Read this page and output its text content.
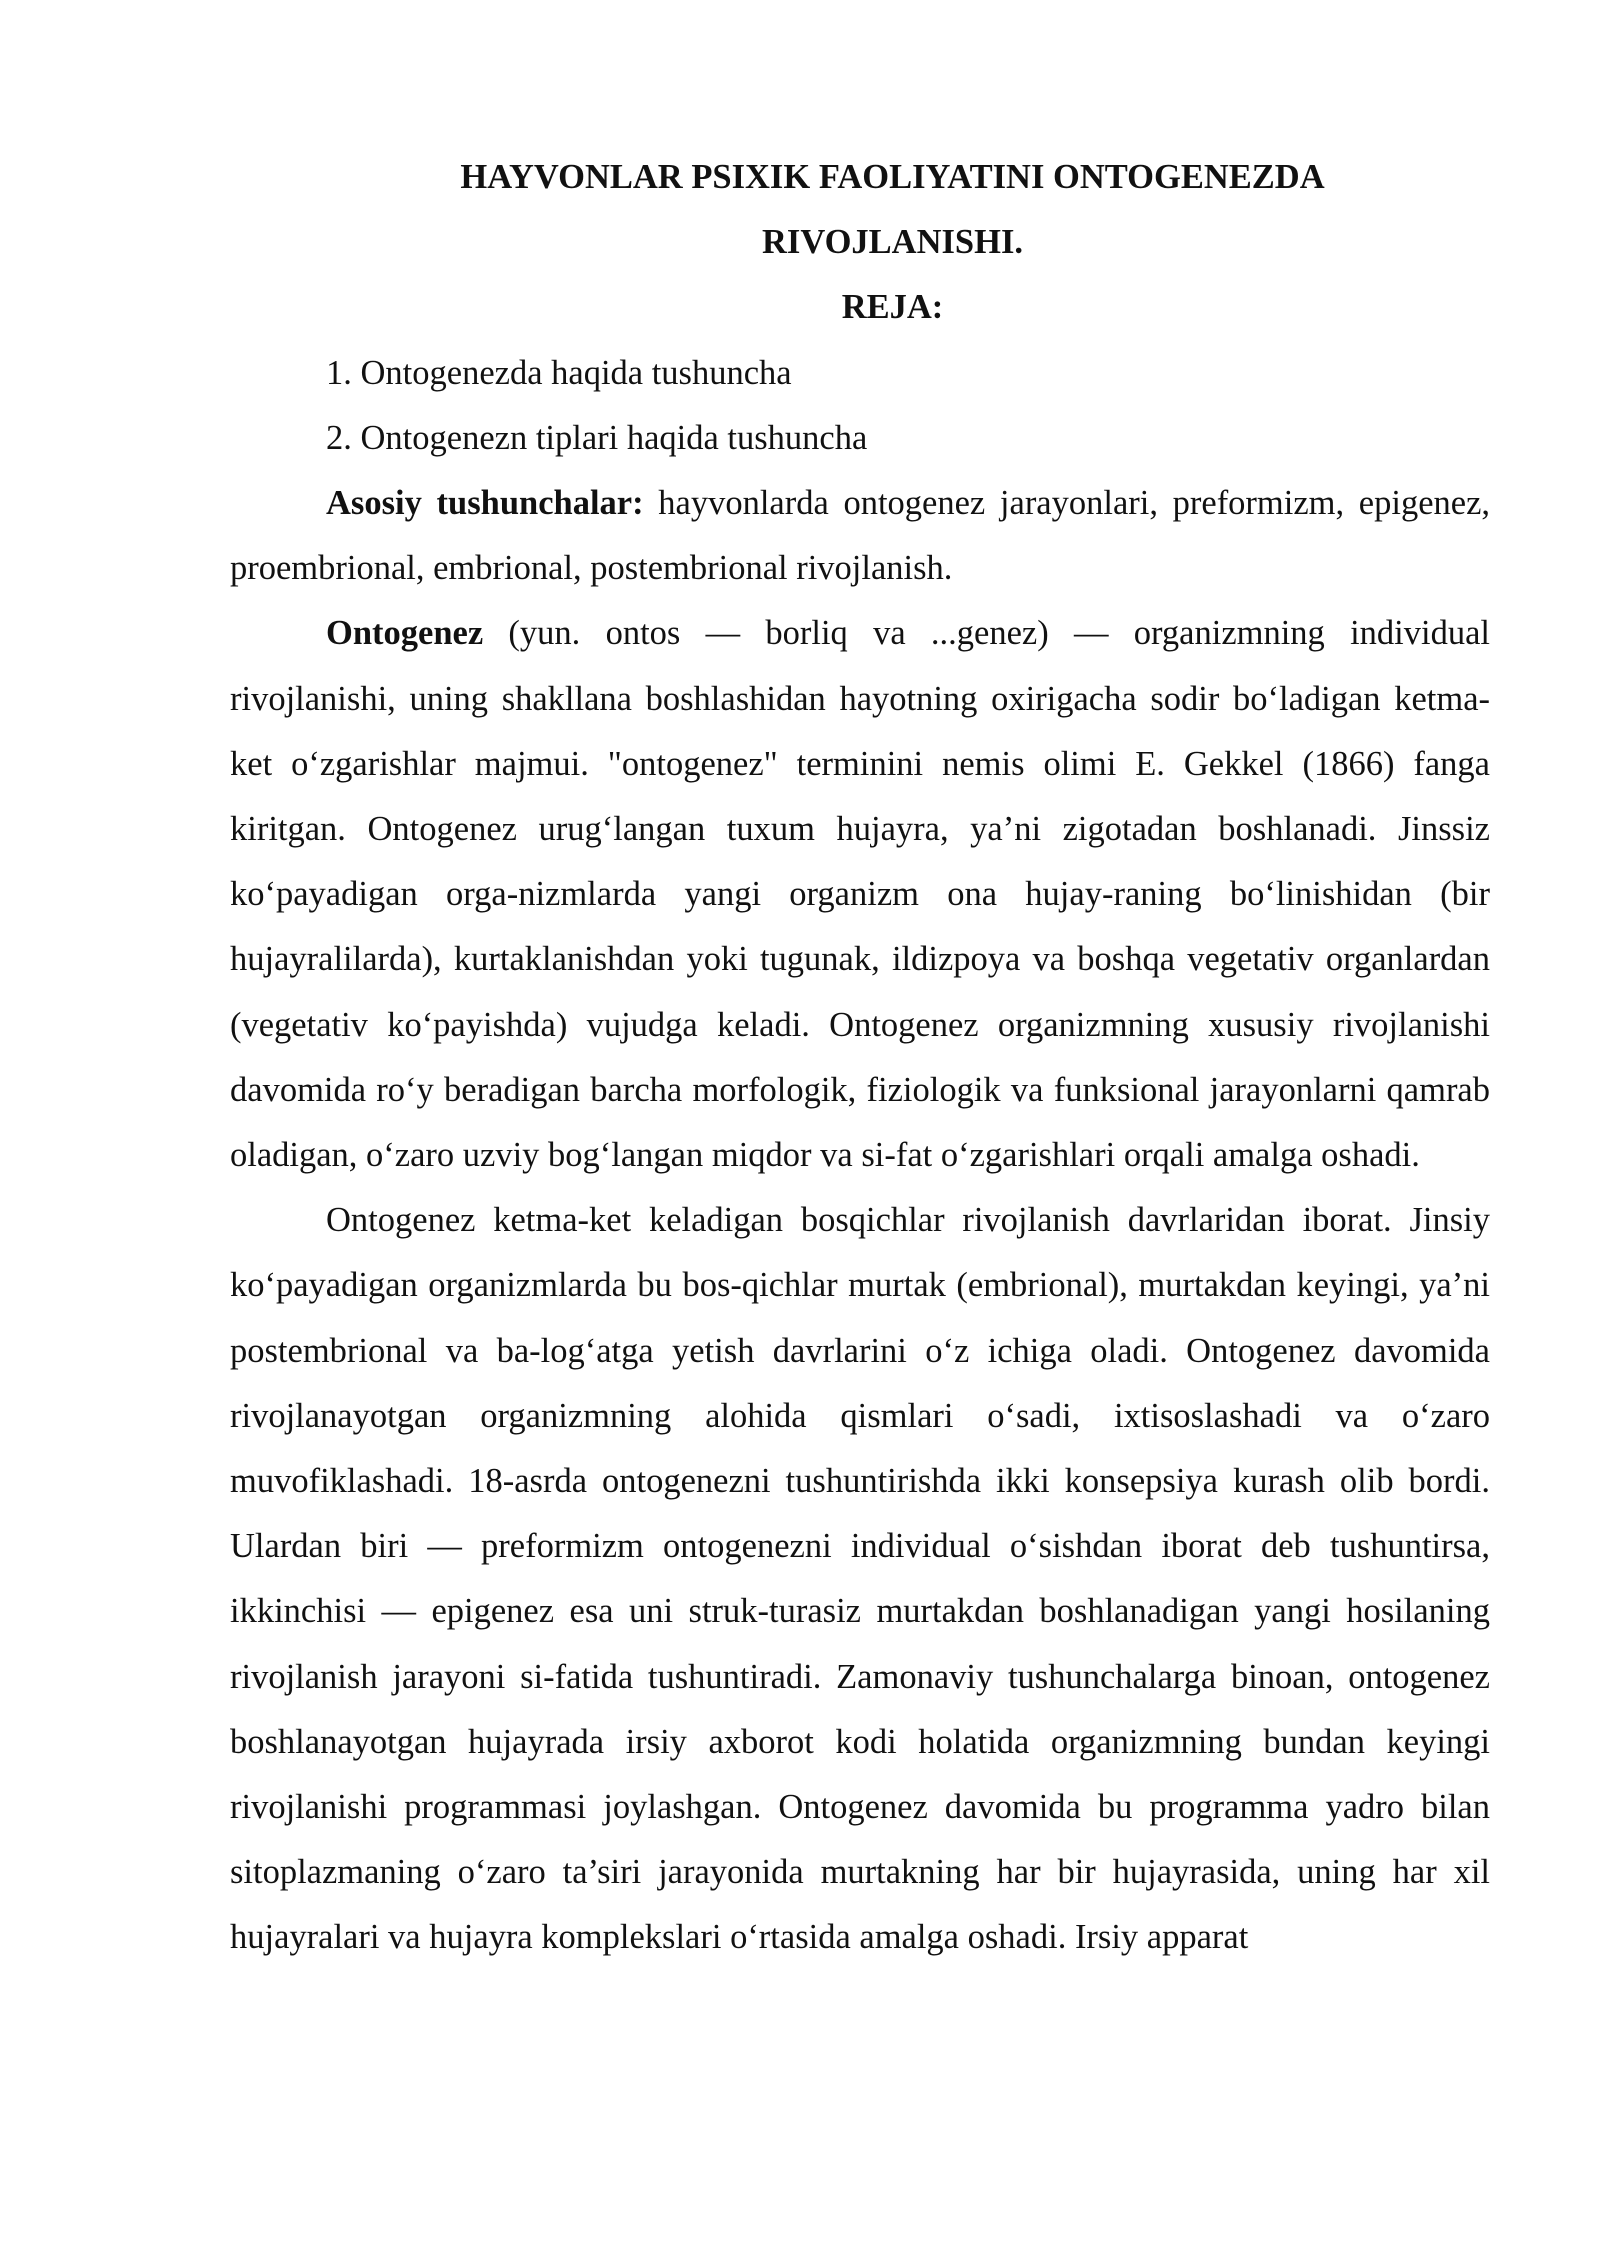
HAYVONLAR PSIXIK FAOLIYATINI ONTOGENEZDA

RIVOJLANISHI.

REJA:

1. Ontogenezda haqida tushuncha
2. Ontogenezn tiplari haqida tushuncha

Asosiy tushunchalar: hayvonlarda ontogenez jarayonlari, preformizm, epigenez, proembrional, embrional, postembrional rivojlanish.

Ontogenez (yun. ontos — borliq va ...genez) — organizmning individual rivojlanishi, uning shakllana boshlashidan hayotning oxirigacha sodir bo‘ladigan ketma-ket o‘zgarishlar majmui. "ontogenez" terminini nemis olimi E. Gekkel (1866) fanga kiritgan. Ontogenez urug‘langan tuxum hujayra, ya’ni zigotadan boshlanadi. Jinssiz ko‘payadigan orga-nizmlarda yangi organizm ona hujay-raning bo‘linishidan (bir hujayralilarda), kurtaklanishdan yoki tugunak, ildizpoya va boshqa vegetativ organlardan (vegetativ ko‘payishda) vujudga keladi. Ontogenez organizmning xususiy rivojlanishi davomida ro‘y beradigan barcha morfologik, fiziologik va funksional jarayonlarni qamrab oladigan, o‘zaro uzviy bog‘langan miqdor va si-fat o‘zgarishlari orqali amalga oshadi.

Ontogenez ketma-ket keladigan bosqichlar rivojlanish davrlaridan iborat. Jinsiy ko‘payadigan organizmlarda bu bos-qichlar murtak (embrional), murtakdan keyingi, ya’ni postembrional va ba-log‘atga yetish davrlarini o‘z ichiga oladi. Ontogenez davomida rivojlanayotgan organizmning alohida qismlari o‘sadi, ixtisoslashadi va o‘zaro muvofiklashadi. 18-asrda ontogenezni tushuntirishda ikki konsepsiya kurash olib bordi. Ulardan biri — preformizm ontogenezni individual o‘sishdan iborat deb tushuntirsa, ikkinchisi — epigenez esa uni struk-turasiz murtakdan boshlanadigan yangi hosilaning rivojlanish jarayoni si-fatida tushuntiradi. Zamonaviy tushunchalarga binoan, ontogenez boshlanayotgan hujayrada irsiy axborot kodi holatida organizmning bundan keyingi rivojlanishi programmasi joylashgan. Ontogenez davomida bu programma yadro bilan sitoplazmaning o‘zaro ta’siri jarayonida murtakning har bir hujayrasida, uning har xil hujayralari va hujayra komplekslari o‘rtasida amalga oshadi. Irsiy apparat
